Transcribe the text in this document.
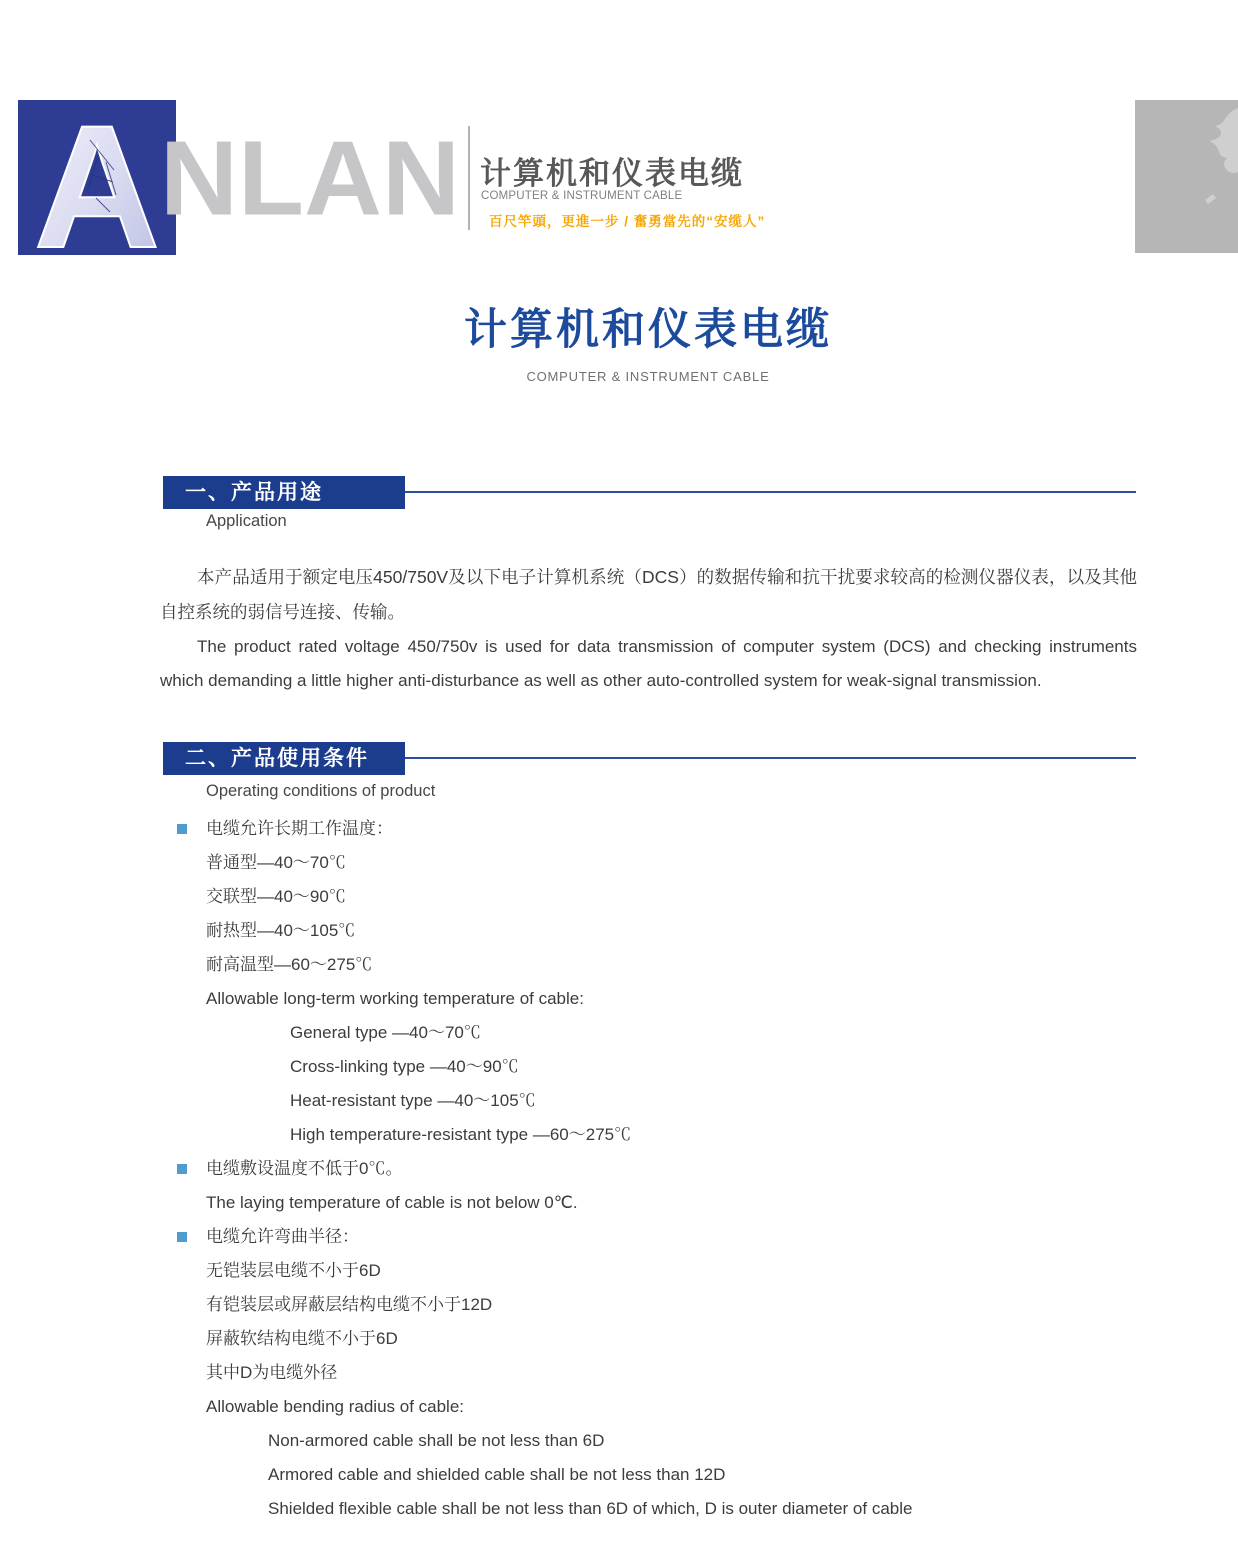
A NLAN 计算机和仪表电缆
COMPUTER & INSTRUMENT CABLE
百尺竿頭，更進一步 / 奮勇當先的“安缆人”
计算机和仪表电缆
COMPUTER & INSTRUMENT CABLE
一、产品用途
Application
本产品适用于额定电压450/750V及以下电子计算机系统（DCS）的数据传输和抗干扰要求较高的检测仪器仪表，以及其他自控系统的弱信号连接、传输。
The product rated voltage 450/750v is used for data transmission of computer system (DCS) and checking instruments which demanding a little higher anti-disturbance as well as other auto-controlled system for weak-signal transmission.
二、产品使用条件
Operating conditions of product
电缆允许长期工作温度：
普通型—40～70℃
交联型—40～90℃
耐热型—40～105℃
耐高温型—60～275℃
Allowable long-term working temperature of cable:
General type —40～70℃
Cross-linking type —40～90℃
Heat-resistant type —40～105℃
High temperature-resistant type —60～275℃
电缆敷设温度不低于0℃。
The laying temperature of cable is not below 0℃.
电缆允许弯曲半径：
无铠装层电缆不小于6D
有铠装层或屏蔽层结构电缆不小于12D
屏蔽软结构电缆不小于6D
其中D为电缆外径
Allowable bending radius of cable:
Non-armored cable shall be not less than 6D
Armored cable and shielded cable shall be not less than 12D
Shielded flexible cable shall be not less than 6D of which, D is outer diameter of cable
